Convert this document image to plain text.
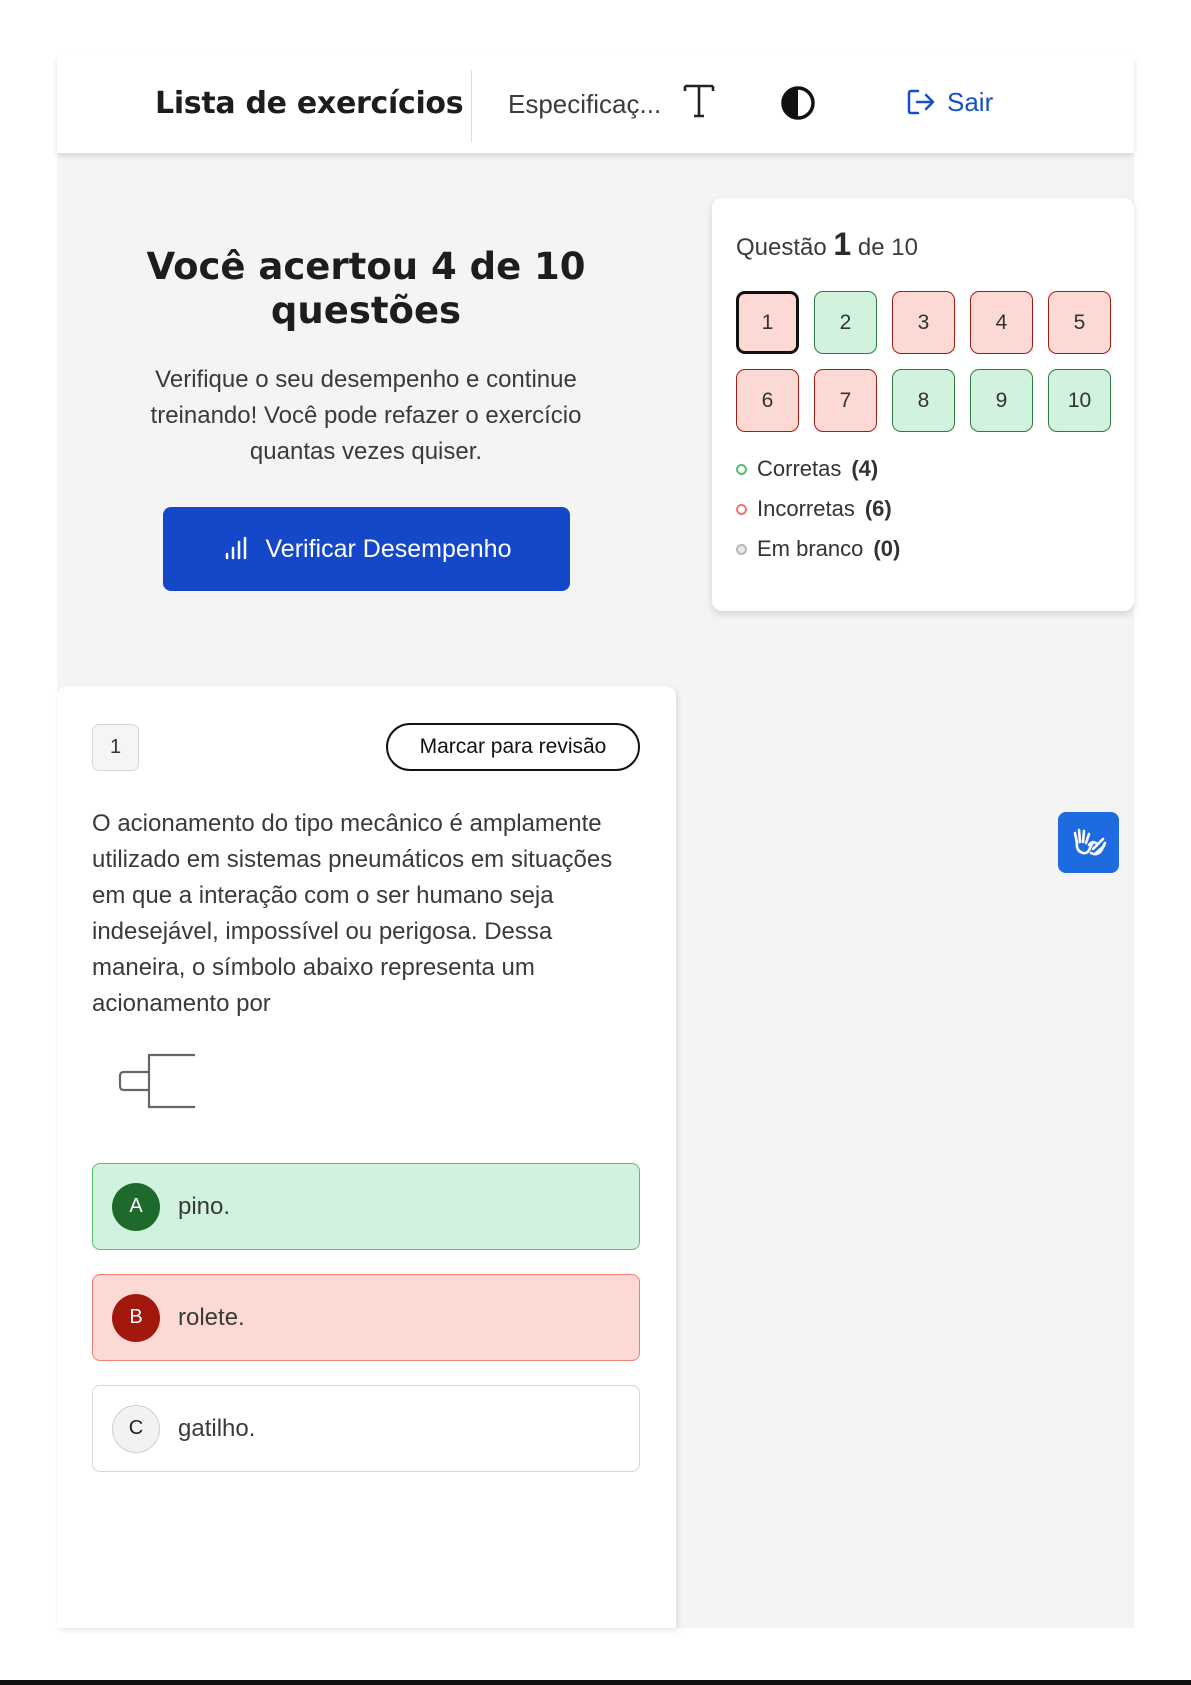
Lista de exercícios Especificaç...	Sair
Você acertou 4 de 10 questões
Verifique o seu desempenho e continue treinando! Você pode refazer o exercício quantas vezes quiser.
Verificar Desempenho
Questão 1 de 10
1	2	3	4	5
6	7	8	9	10
Corretas (4)
Incorretas (6)
Em branco (0)
1	Marcar para revisão
O acionamento do tipo mecânico é amplamente utilizado em sistemas pneumáticos em situações em que a interação com o ser humano seja indesejável, impossível ou perigosa. Dessa maneira, o símbolo abaixo representa um acionamento por
A	pino.
B	rolete.
C	gatilho.
